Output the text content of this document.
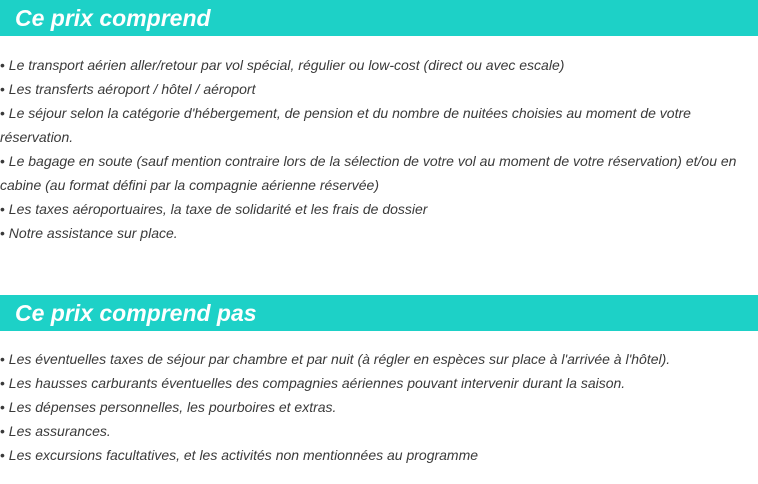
Ce prix comprend
• Le transport aérien aller/retour par vol spécial, régulier ou low-cost (direct ou avec escale)
• Les transferts aéroport / hôtel / aéroport
• Le séjour selon la catégorie d'hébergement, de pension et du nombre de nuitées choisies au moment de votre réservation.
• Le bagage en soute (sauf mention contraire lors de la sélection de votre vol au moment de votre réservation) et/ou en cabine (au format défini par la compagnie aérienne réservée)
• Les taxes aéroportuaires, la taxe de solidarité et les frais de dossier
• Notre assistance sur place.
Ce prix comprend pas
• Les éventuelles taxes de séjour par chambre et par nuit (à régler en espèces sur place à l'arrivée à l'hôtel).
• Les hausses carburants éventuelles des compagnies aériennes pouvant intervenir durant la saison.
• Les dépenses personnelles, les pourboires et extras.
• Les assurances.
• Les excursions facultatives, et les activités non mentionnées au programme
